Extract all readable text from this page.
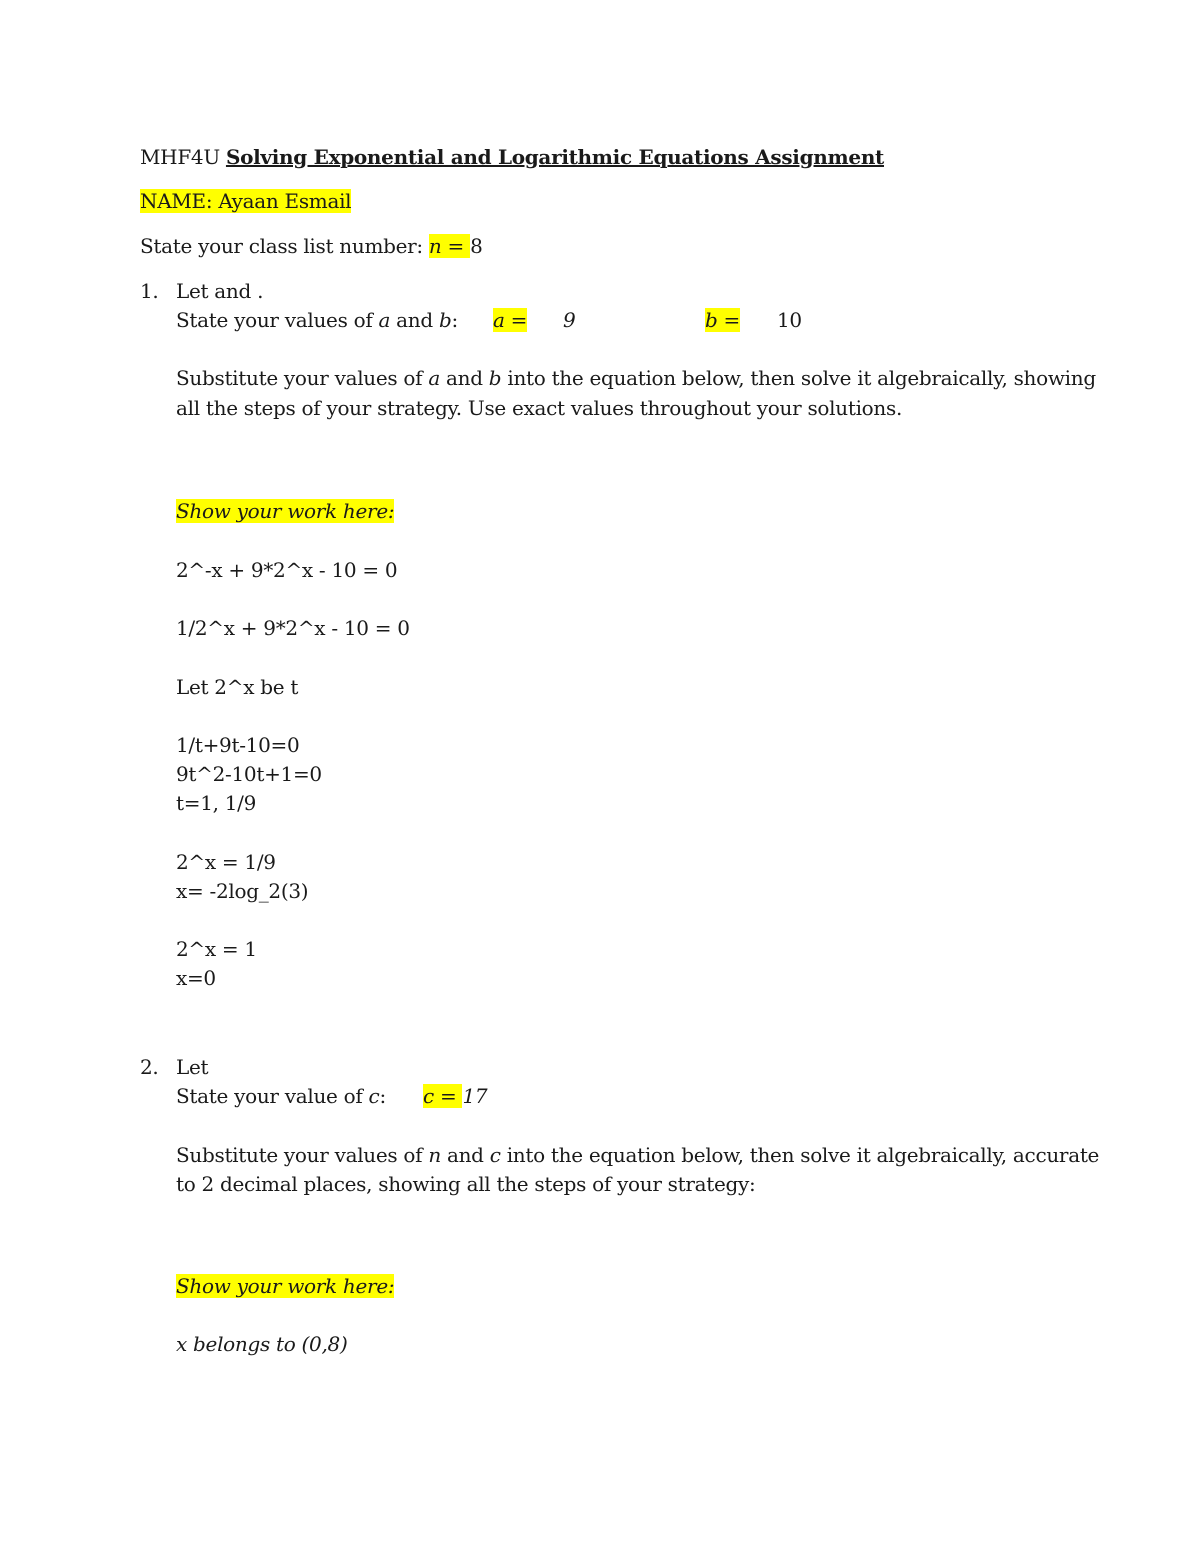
MHF4U Solving Exponential and Logarithmic Equations Assignment
NAME: Ayaan Esmail
State your class list number: n = 8
1. Let and .
State your values of a and b: a = 9	b = 10
Substitute your values of a and b into the equation below, then solve it algebraically, showing
all the steps of your strategy. Use exact values throughout your solutions.
Show your work here:
2^-x + 9*2^x - 10 = 0
1/2^x + 9*2^x - 10 = 0
Let 2^x be t
1/t+9t-10=0
9t^2-10t+1=0
t=1, 1/9
2^x = 1/9
x= -2log_2(3)
2^x = 1
x=0
2. Let
State your value of c: c = 17
Substitute your values of n and c into the equation below, then solve it algebraically, accurate
to 2 decimal places, showing all the steps of your strategy:
Show your work here:
x belongs to (0,8)
